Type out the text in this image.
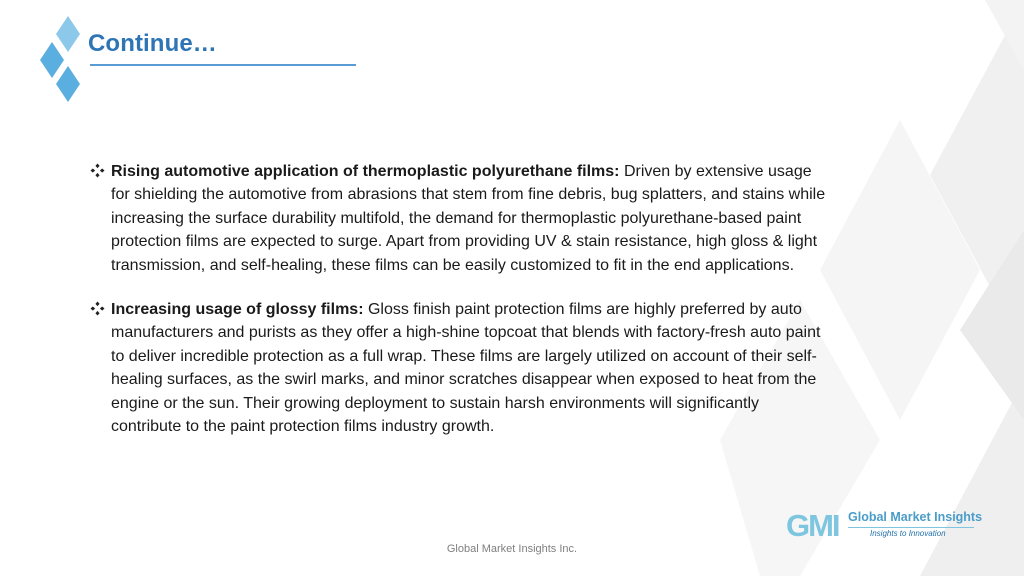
Continue…
Rising automotive application of thermoplastic polyurethane films: Driven by extensive usage for shielding the automotive from abrasions that stem from fine debris, bug splatters, and stains while increasing the surface durability multifold, the demand for thermoplastic polyurethane-based paint protection films are expected to surge. Apart from providing UV & stain resistance, high gloss & light transmission, and self-healing, these films can be easily customized to fit in the end applications.
Increasing usage of glossy films: Gloss finish paint protection films are highly preferred by auto manufacturers and purists as they offer a high-shine topcoat that blends with factory-fresh auto paint to deliver incredible protection as a full wrap. These films are largely utilized on account of their self-healing surfaces, as the swirl marks, and minor scratches disappear when exposed to heat from the engine or the sun. Their growing deployment to sustain harsh environments will significantly contribute to the paint protection films industry growth.
GMI Global Market Insights
Insights to Innovation
Global Market Insights Inc.
